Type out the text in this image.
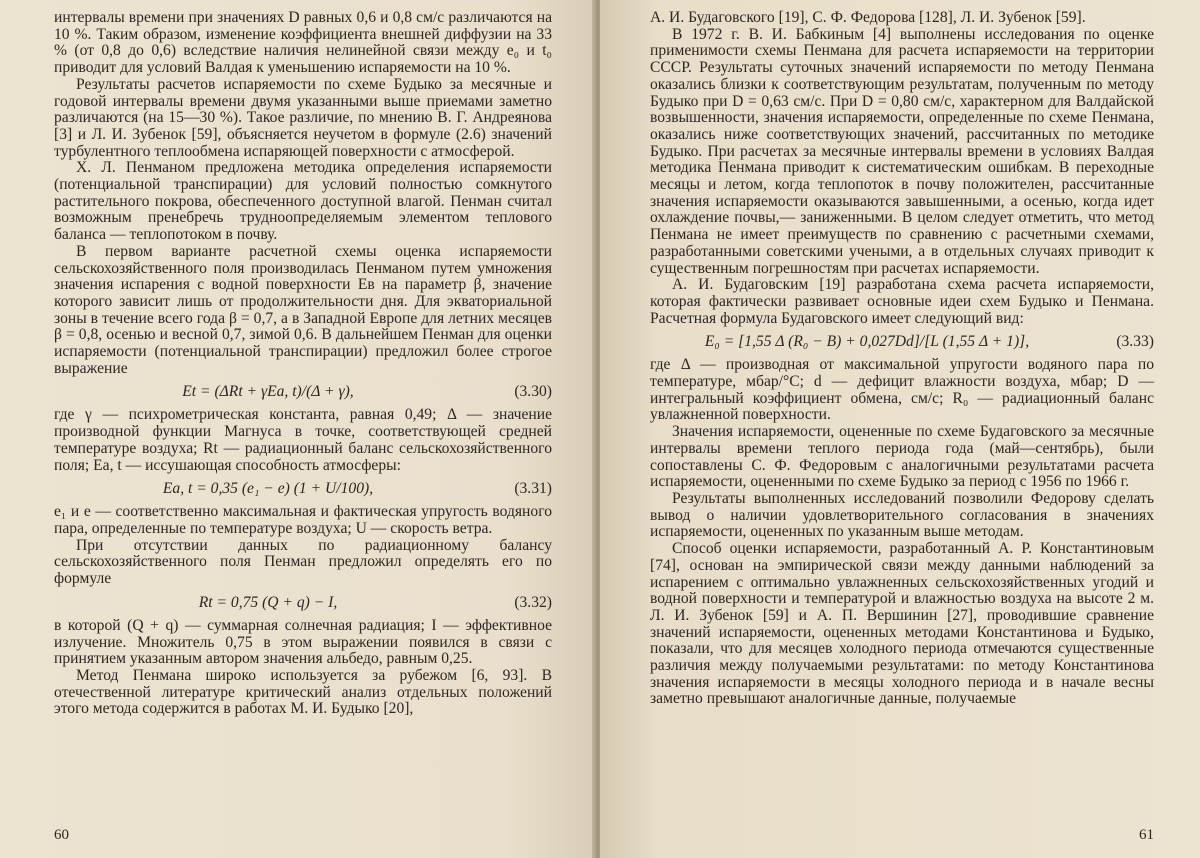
интервалы времени при значениях D равных 0,6 и 0,8 см/с различаются на 10 %. Таким образом, изменение коэффициента внешней диффузии на 33 % (от 0,8 до 0,6) вследствие наличия нелинейной связи между e₀ и t₀ приводит для условий Валдая к уменьшению испаряемости на 10 %.

Результаты расчетов испаряемости по схеме Будыко за месячные и годовой интервалы времени двумя указанными выше приемами заметно различаются (на 15—30 %). Такое различие, по мнению В. Г. Андреянова [3] и Л. И. Зубенок [59], объясняется неучетом в формуле (2.6) значений турбулентного теплообмена испаряющей поверхности с атмосферой.

Х. Л. Пенманом предложена методика определения испаряемости (потенциальной транспирации) для условий полностью сомкнутого растительного покрова, обеспеченного доступной влагой. Пенман считал возможным пренебречь трудноопределяемым элементом теплового баланса — теплопотоком в почву.

В первом варианте расчетной схемы оценка испаряемости сельскохозяйственного поля производилась Пенманом путем умножения значения испарения с водной поверхности Eв на параметр β, значение которого зависит лишь от продолжительности дня. Для экваториальной зоны в течение всего года β = 0,7, а в Западной Европе для летних месяцев β = 0,8, осенью и весной 0,7, зимой 0,6. В дальнейшем Пенман для оценки испаряемости (потенциальной транспирации) предложил более строгое выражение

Et = (ΔRt + γEa, t)/(Δ + γ),	(3.30)

где γ — психрометрическая константа, равная 0,49; Δ — значение производной функции Магнуса в точке, соответствующей средней температуре воздуха; Rt — радиационный баланс сельскохозяйственного поля; Ea, t — иссушающая способность атмосферы:

Ea, t = 0,35 (e₁ − e) (1 + U/100),	(3.31)

e₁ и e — соответственно максимальная и фактическая упругость водяного пара, определенные по температуре воздуха; U — скорость ветра.

При отсутствии данных по радиационному балансу сельскохозяйственного поля Пенман предложил определять его по формуле

Rt = 0,75 (Q + q) − I,	(3.32)

в которой (Q + q) — суммарная солнечная радиация; I — эффективное излучение. Множитель 0,75 в этом выражении появился в связи с принятием указанным автором значения альбедо, равным 0,25.

Метод Пенмана широко используется за рубежом [6, 93]. В отечественной литературе критический анализ отдельных положений этого метода содержится в работах М. И. Будыко [20],

60

А. И. Будаговского [19], С. Ф. Федорова [128], Л. И. Зубенок [59].

В 1972 г. В. И. Бабкиным [4] выполнены исследования по оценке применимости схемы Пенмана для расчета испаряемости на территории СССР. Результаты суточных значений испаряемости по методу Пенмана оказались близки к соответствующим результатам, полученным по методу Будыко при D = 0,63 см/с. При D = 0,80 см/с, характерном для Валдайской возвышенности, значения испаряемости, определенные по схеме Пенмана, оказались ниже соответствующих значений, рассчитанных по методике Будыко. При расчетах за месячные интервалы времени в условиях Валдая методика Пенмана приводит к систематическим ошибкам. В переходные месяцы и летом, когда теплопоток в почву положителен, рассчитанные значения испаряемости оказываются завышенными, а осенью, когда идет охлаждение почвы,— заниженными. В целом следует отметить, что метод Пенмана не имеет преимуществ по сравнению с расчетными схемами, разработанными советскими учеными, а в отдельных случаях приводит к существенным погрешностям при расчетах испаряемости.

А. И. Будаговским [19] разработана схема расчета испаряемости, которая фактически развивает основные идеи схем Будыко и Пенмана. Расчетная формула Будаговского имеет следующий вид:

E₀ = [1,55 Δ (R₀ − B) + 0,027Dd]/[L (1,55 Δ + 1)],	(3.33)

где Δ — производная от максимальной упругости водяного пара по температуре, мбар/°С; d — дефицит влажности воздуха, мбар; D — интегральный коэффициент обмена, см/с; R₀ — радиационный баланс увлажненной поверхности.

Значения испаряемости, оцененные по схеме Будаговского за месячные интервалы времени теплого периода года (май—сентябрь), были сопоставлены С. Ф. Федоровым с аналогичными результатами расчета испаряемости, оцененными по схеме Будыко за период с 1956 по 1966 г.

Результаты выполненных исследований позволили Федорову сделать вывод о наличии удовлетворительного согласования в значениях испаряемости, оцененных по указанным выше методам.

Способ оценки испаряемости, разработанный А. Р. Константиновым [74], основан на эмпирической связи между данными наблюдений за испарением с оптимально увлажненных сельскохозяйственных угодий и водной поверхности и температурой и влажностью воздуха на высоте 2 м. Л. И. Зубенок [59] и А. П. Вершинин [27], проводившие сравнение значений испаряемости, оцененных методами Константинова и Будыко, показали, что для месяцев холодного периода отмечаются существенные различия между получаемыми результатами: по методу Константинова значения испаряемости в месяцы холодного периода и в начале весны заметно превышают аналогичные данные, получаемые

61
